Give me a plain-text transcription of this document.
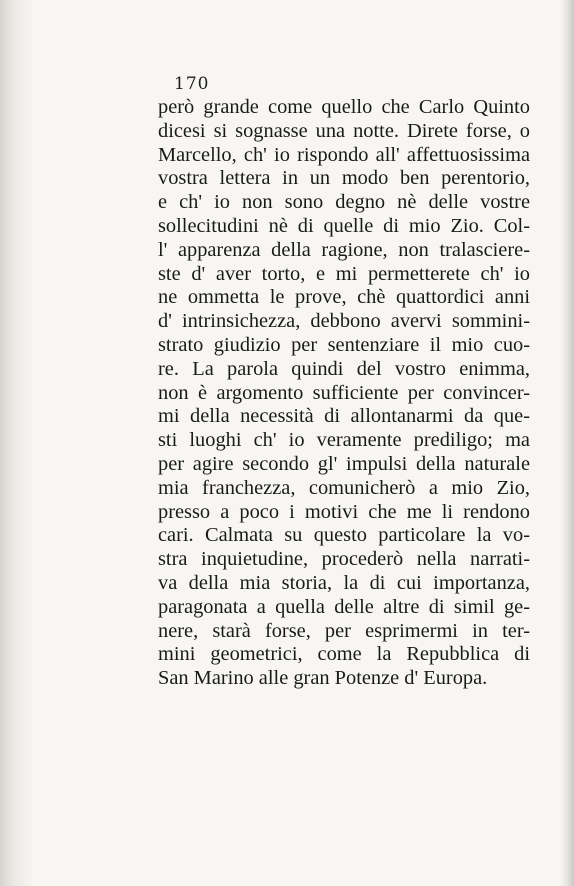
170
però grande come quello che Carlo Quinto
dicesi si sognasse una notte. Direte forse, o
Marcello, ch' io rispondo all' affettuosissima
vostra lettera in un modo ben perentorio,
e ch' io non sono degno nè delle vostre
sollecitudini nè di quelle di mio Zio. Col-
l' apparenza della ragione, non tralasciere-
ste d' aver torto, e mi permetterete ch' io
ne ommetta le prove, chè quattordici anni
d' intrinsichezza, debbono avervi sommini-
strato giudizio per sentenziare il mio cuo-
re. La parola quindi del vostro enimma,
non è argomento sufficiente per convincer-
mi della necessità di allontanarmi da que-
sti luoghi ch' io veramente prediligo; ma
per agire secondo gl' impulsi della naturale
mia franchezza, comunicherò a mio Zio,
presso a poco i motivi che me li rendono
cari. Calmata su questo particolare la vo-
stra inquietudine, procederò nella narrati-
va della mia storia, la di cui importanza,
paragonata a quella delle altre di simil ge-
nere, starà forse, per esprimermi in ter-
mini geometrici, come la Repubblica di
San Marino alle gran Potenze d' Europa.
